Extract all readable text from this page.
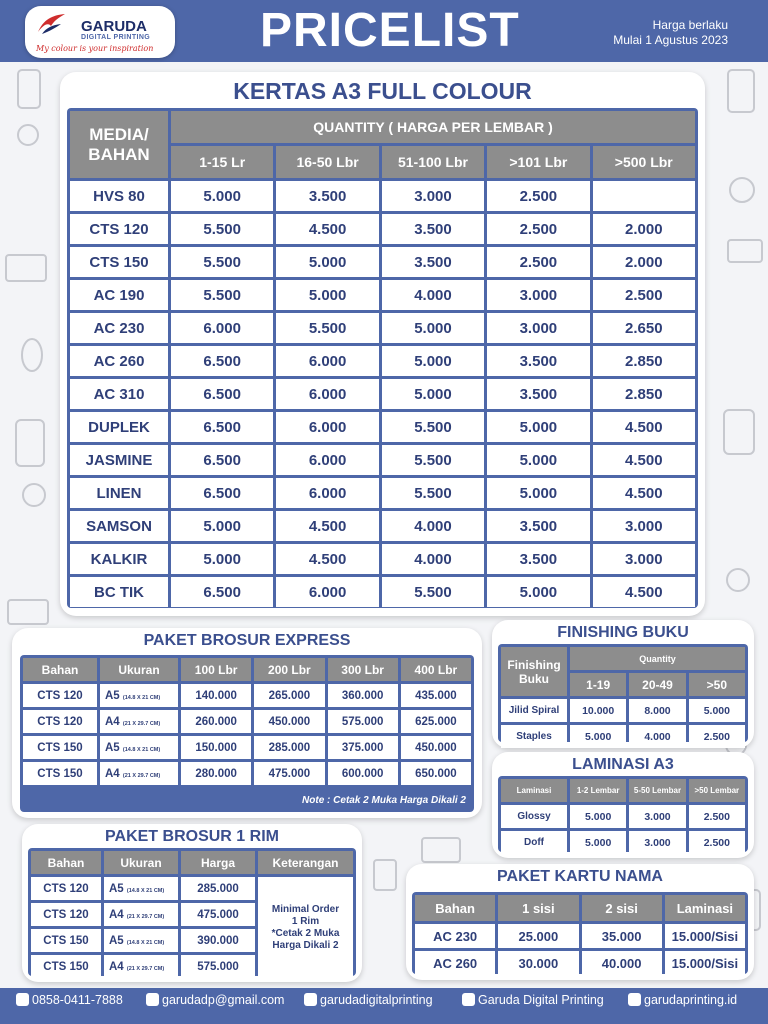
GARUDA
DIGITAL PRINTING
My colour is your inspiration PRICELIST	Harga berlaku
Mulai 1 Agustus 2023
KERTAS A3 FULL COLOUR
MEDIA/ BAHAN	QUANTITY ( HARGA PER LEMBAR )				
	1-15 Lr	16-50 Lbr	51-100 Lbr	>101 Lbr	>500 Lbr
HVS 80	5.000	3.500	3.000	2.500	
CTS 120	5.500	4.500	3.500	2.500	2.000
CTS 150	5.500	5.000	3.500	2.500	2.000
AC 190	5.500	5.000	4.000	3.000	2.500
AC 230	6.000	5.500	5.000	3.000	2.650
AC 260	6.500	6.000	5.000	3.500	2.850
AC 310	6.500	6.000	5.000	3.500	2.850
DUPLEK	6.500	6.000	5.500	5.000	4.500
JASMINE	6.500	6.000	5.500	5.000	4.500
LINEN	6.500	6.000	5.500	5.000	4.500
SAMSON	5.000	4.500	4.000	3.500	3.000
KALKIR	5.000	4.500	4.000	3.500	3.000
BC TIK	6.500	6.000	5.500	5.000	4.500
PAKET BROSUR EXPRESS
Bahan	Ukuran	100 Lbr	200 Lbr	300 Lbr	400 Lbr
CTS 120	A5 (14.8 X 21 CM)	140.000	265.000	360.000	435.000
CTS 120	A4 (21 X 29.7 CM)	260.000	450.000	575.000	625.000
CTS 150	A5 (14.8 X 21 CM)	150.000	285.000	375.000	450.000
CTS 150	A4 (21 X 29.7 CM)	280.000	475.000	600.000	650.000
Note : Cetak 2 Muka Harga Dikali 2
FINISHING BUKU
Finishing Buku	Quantity		
	1-19	20-49	>50
Jilid Spiral	10.000	8.000	5.000
Staples	5.000	4.000	2.500
LAMINASI A3
Laminasi	1-2 Lembar	5-50 Lembar	>50 Lembar
Glossy	5.000	3.000	2.500
Doff	5.000	3.000	2.500
PAKET BROSUR 1 RIM
Bahan	Ukuran	Harga	Keterangan
CTS 120	A5 (14.8 X 21 CM)	285.000	Minimal Order
1 Rim
*Cetak 2 Muka
Harga Dikali 2

CTS 120	A4 (21 X 29.7 CM)	475.000	
CTS 150	A5 (14.8 X 21 CM)	390.000	
CTS 150	A4 (21 X 29.7 CM)	575.000	
PAKET KARTU NAMA
Bahan	1 sisi	2 sisi	Laminasi
AC 230	25.000	35.000	15.000/Sisi
AC 260	30.000	40.000	15.000/Sisi
0858-0411-7888	garudadp@gmail.com	garudadigitalprinting	Garuda Digital Printing	garudaprinting.id
